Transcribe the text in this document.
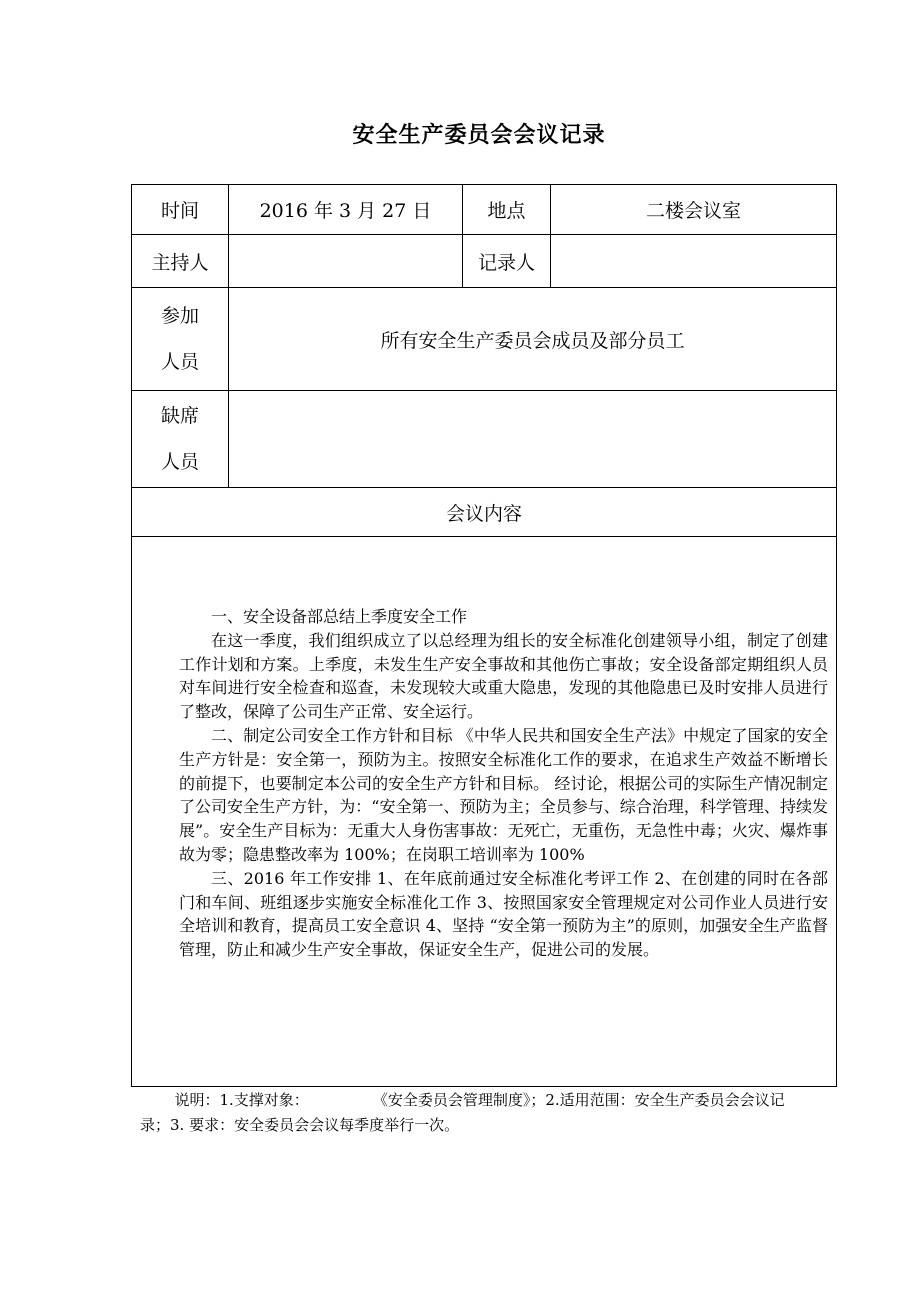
安全生产委员会会议记录
时间	2016 年 3 月 27 日	地点	二楼会议室
主持人		记录人	

参加
人员	所有安全生产委员会成员及部分员工		

缺席
人员			

会议内容			

一、安全设备部总结上季度安全工作

在这一季度，我们组织成立了以总经理为组长的安全标准化创建领导小组，制定了创建工作计划和方案。上季度，未发生生产安全事故和其他伤亡事故；安全设备部定期组织人员对车间进行安全检查和巡查，未发现较大或重大隐患，发现的其他隐患已及时安排人员进行了整改，保障了公司生产正常、安全运行。

二、制定公司安全工作方针和目标 《中华人民共和国安全生产法》中规定了国家的安全生产方针是：安全第一，预防为主。按照安全标准化工作的要求，在追求生产效益不断增长的前提下，也要制定本公司的安全生产方针和目标。 经讨论，根据公司的实际生产情况制定了公司安全生产方针，为：“安全第一、预防为主；全员参与、综合治理，科学管理、持续发展”。安全生产目标为：无重大人身伤害事故：无死亡，无重伤，无急性中毒；火灾、爆炸事故为零；隐患整改率为 100%；在岗职工培训率为 100%

三、2016 年工作安排 1、在年底前通过安全标准化考评工作 2、在创建的同时在各部门和车间、班组逐步实施安全标准化工作 3、按照国家安全管理规定对公司作业人员进行安全培训和教育，提高员工安全意识 4、坚持 “安全第一预防为主”的原则，加强安全生产监督管理，防止和减少生产安全事故，保证安全生产，促进公司的发展。			

说明：1.支撑对象：	《安全委员会管理制度》；2.适用范围：安全生产委员会会议记录；3. 要求：安全委员会会议每季度举行一次。
